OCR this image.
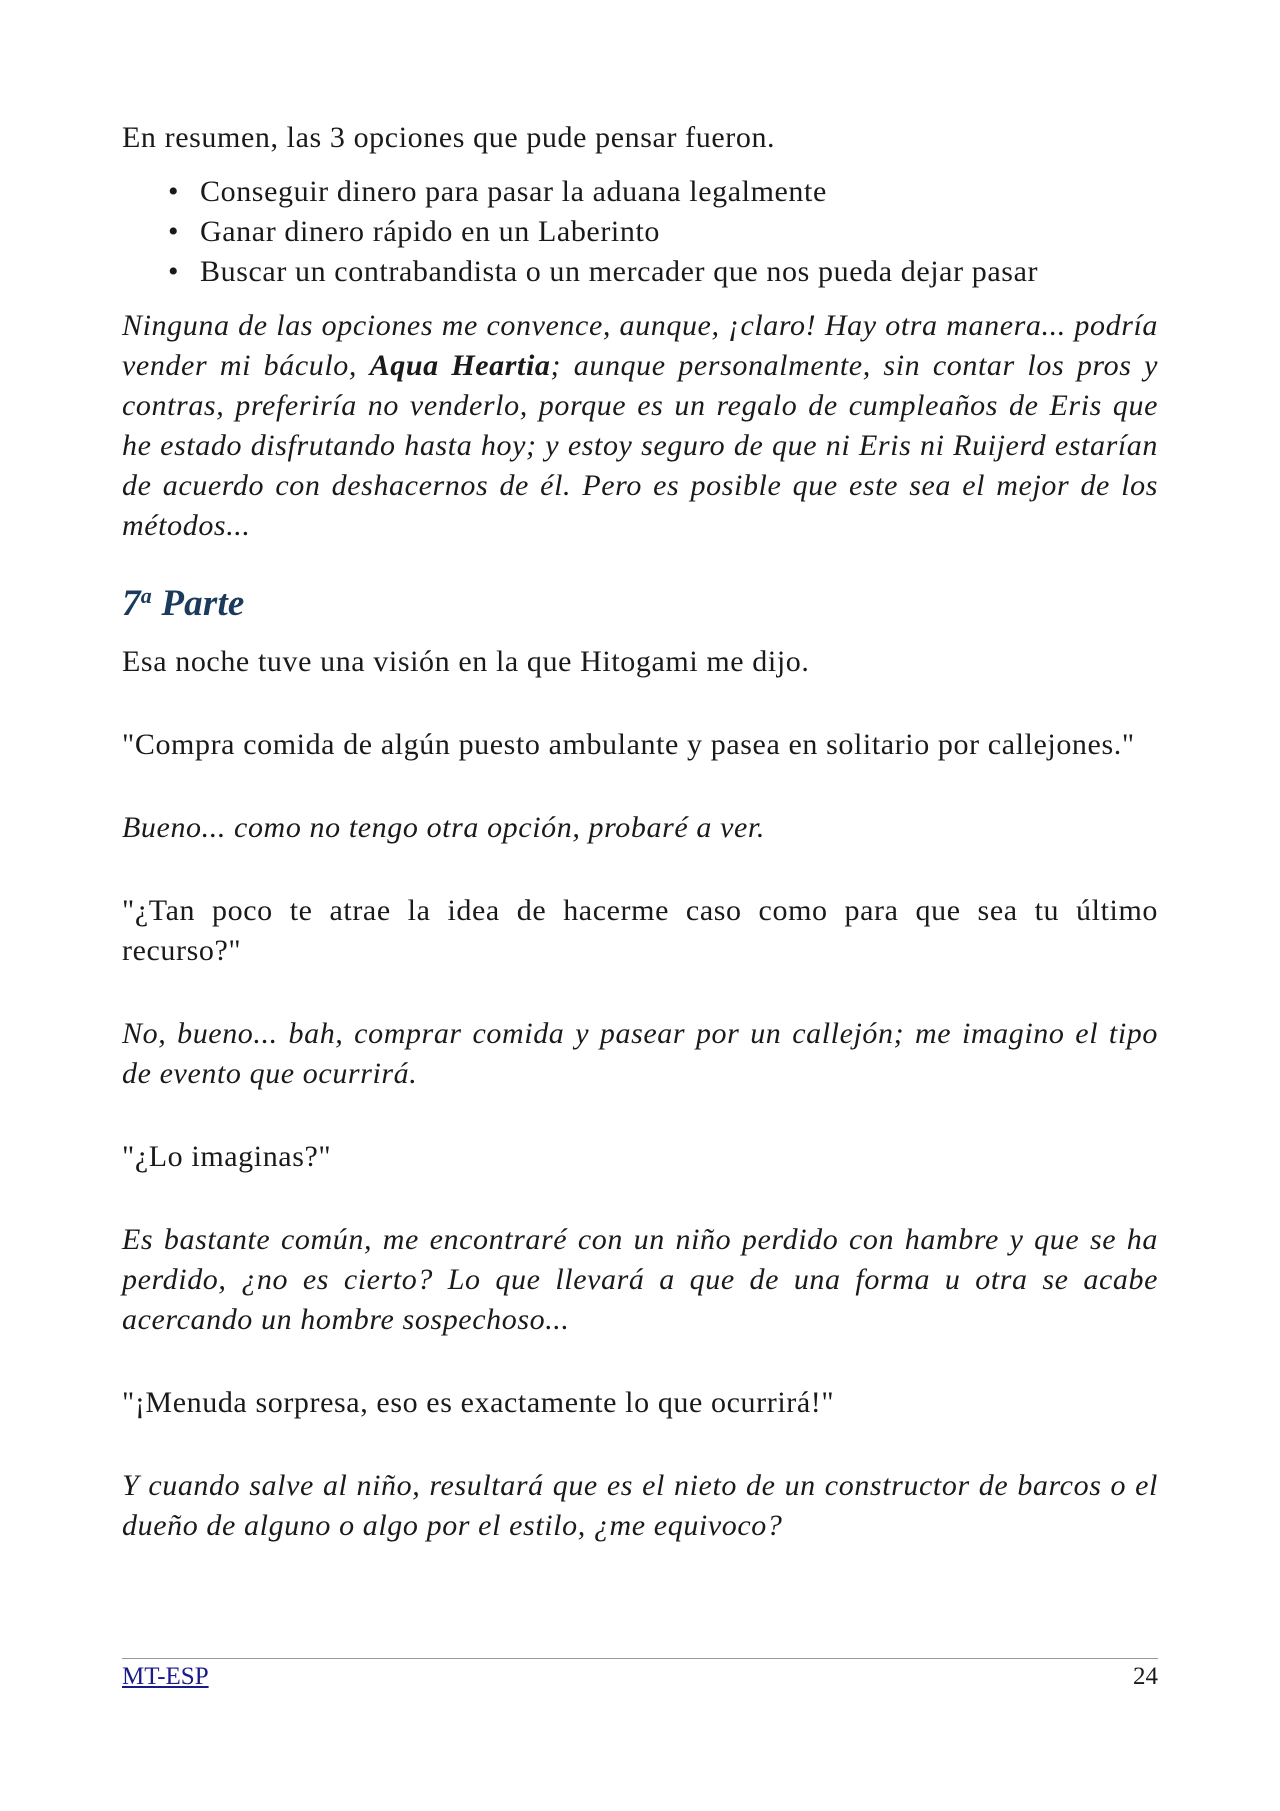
En resumen, las 3 opciones que pude pensar fueron.

• Conseguir dinero para pasar la aduana legalmente
• Ganar dinero rápido en un Laberinto
• Buscar un contrabandista o un mercader que nos pueda dejar pasar

Ninguna de las opciones me convence, aunque, ¡claro! Hay otra manera... podría vender mi báculo, Aqua Heartia; aunque personalmente, sin contar los pros y contras, preferiría no venderlo, porque es un regalo de cumpleaños de Eris que he estado disfrutando hasta hoy; y estoy seguro de que ni Eris ni Ruijerd estarían de acuerdo con deshacernos de él. Pero es posible que este sea el mejor de los métodos...

7$^a$ Parte

Esa noche tuve una visión en la que Hitogami me dijo.

"Compra comida de algún puesto ambulante y pasea en solitario por callejones."

Bueno... como no tengo otra opción, probaré a ver.

"¿Tan poco te atrae la idea de hacerme caso como para que sea tu último recurso?"

No, bueno... bah, comprar comida y pasear por un callejón; me imagino el tipo de evento que ocurrirá.

"¿Lo imaginas?"

Es bastante común, me encontraré con un niño perdido con hambre y que se ha perdido, ¿no es cierto? Lo que llevará a que de una forma u otra se acabe acercando un hombre sospechoso...

"¡Menuda sorpresa, eso es exactamente lo que ocurrirá!"

Y cuando salve al niño, resultará que es el nieto de un constructor de barcos o el dueño de alguno o algo por el estilo, ¿me equivoco?

MT-ESP	24
